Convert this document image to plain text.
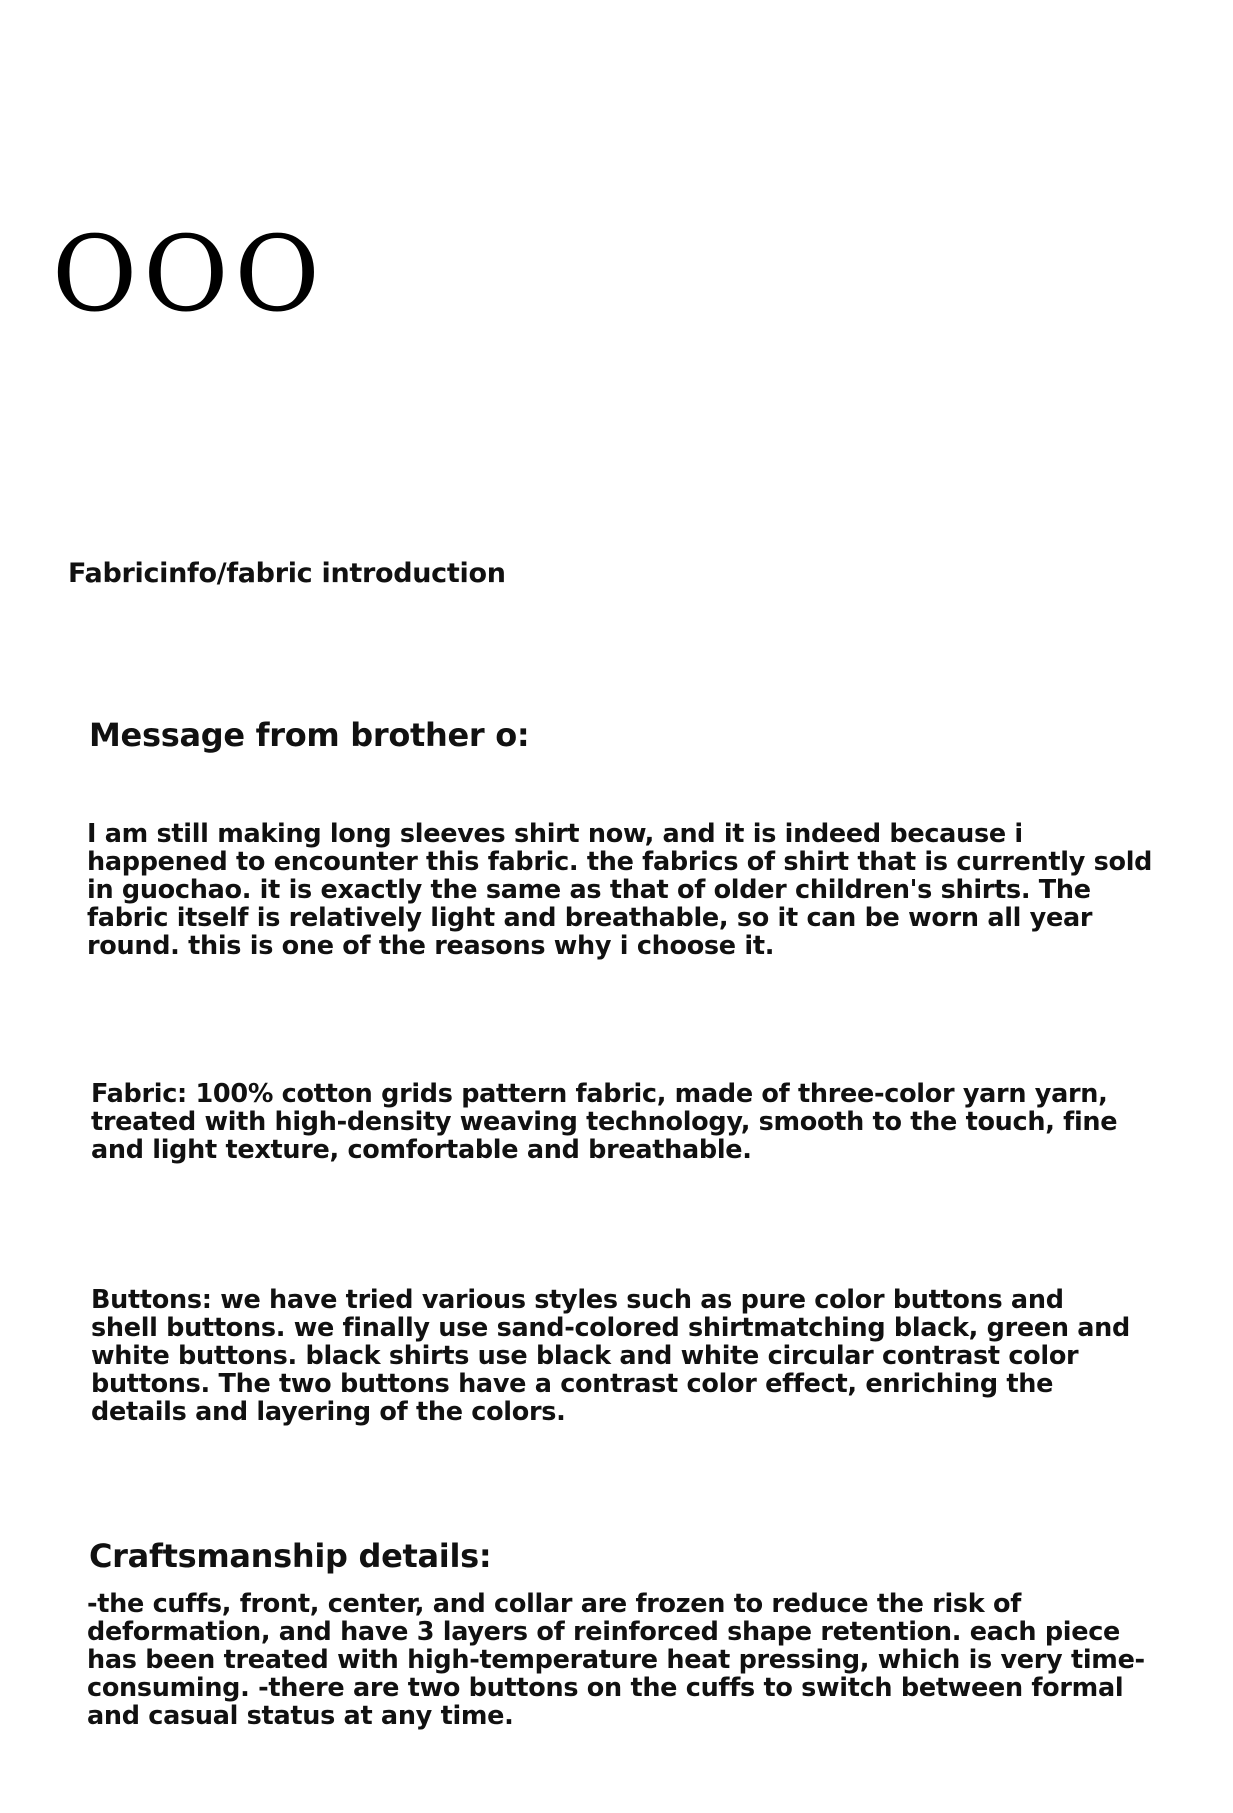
OOO
Fabricinfo/fabric introduction
Message from brother o:

I am still making long sleeves shirt now, and it is indeed because i happened to encounter this fabric. the fabrics of shirt that is currently sold in guochao. it is exactly the same as that of older children's shirts. The fabric itself is relatively light and breathable, so it can be worn all year round. this is one of the reasons why i choose it.

Fabric: 100% cotton grids pattern fabric, made of three-color yarn yarn, treated with high-density weaving technology, smooth to the touch, fine and light texture, comfortable and breathable.

Buttons: we have tried various styles such as pure color buttons and shell buttons. we finally use sand-colored shirtmatching black, green and white buttons. black shirts use black and white circular contrast color buttons. The two buttons have a contrast color effect, enriching the details and layering of the colors.

Craftsmanship details:

-the cuffs, front, center, and collar are frozen to reduce the risk of deformation, and have 3 layers of reinforced shape retention. each piece has been treated with high-temperature heat pressing, which is very time-consuming. -there are two buttons on the cuffs to switch between formal and casual status at any time.
